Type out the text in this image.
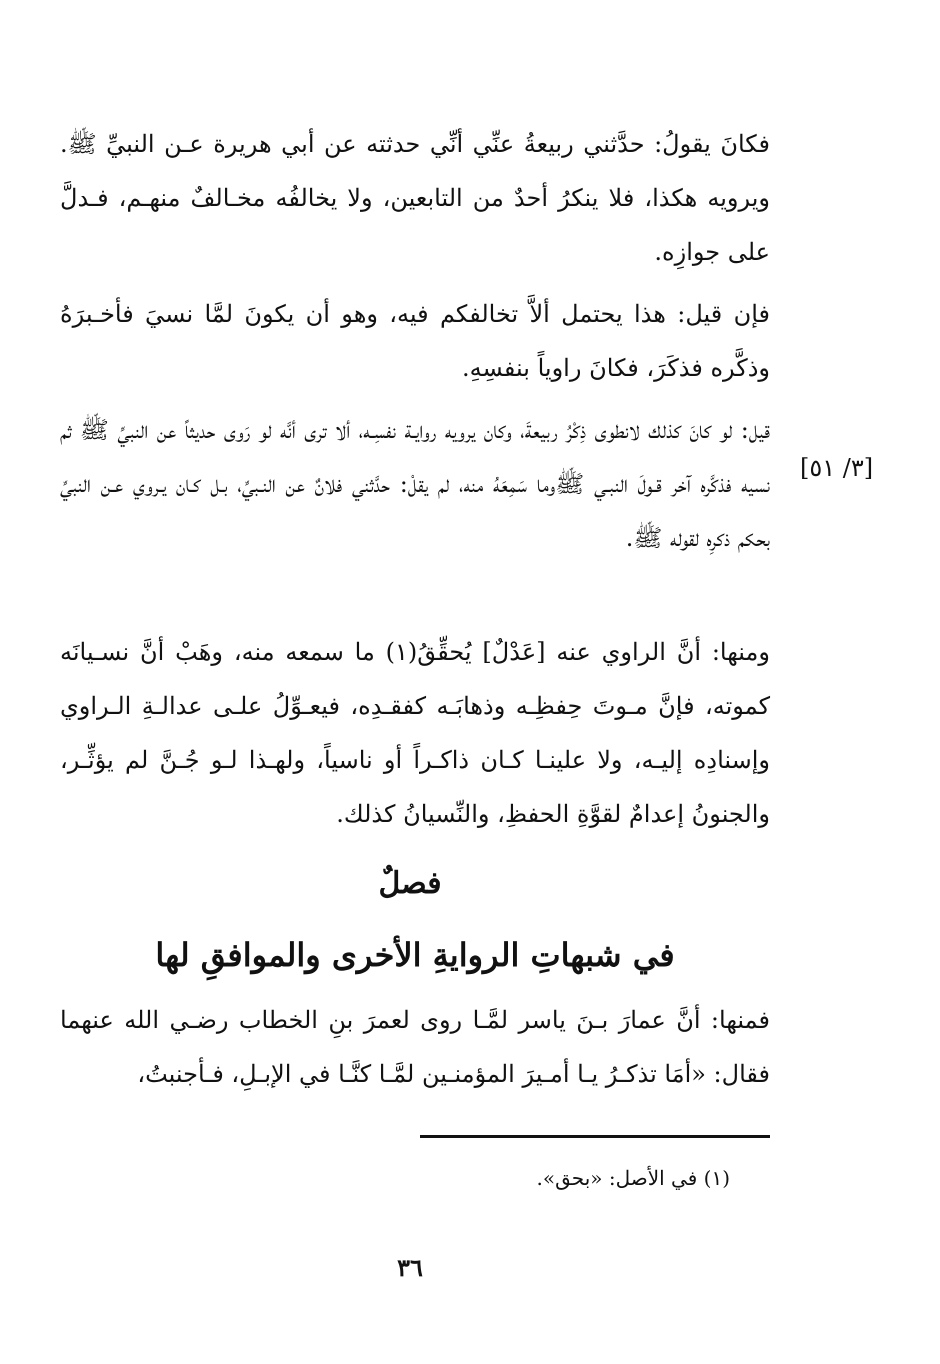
فكانَ يقولُ: حدَّثني ربيعةُ عنِّي أنِّي حدثته عن أبي هريرة عـن النبيِّ ﷺ. ويرويه هكذا، فلا ينكرُ أحدٌ من التابعين، ولا يخالفُه مخـالفٌ منهـم، فـدلَّ على جوازِه.

فإن قيل: هذا يحتمل ألاَّ تخالفكم فيه، وهو أن يكونَ لمَّا نسيَ فأخـبرَهُ وذكَّره فذكَرَ، فكانَ راوياً بنفسِهِ.

[٣/ ٥١]

قيل: لو كانَ كذلك لانطوى ذِكْرُ ربيعةَ، وكان يرويه روايـة نفسِـه، ألا ترى أنَّه لو رَوى حديثاً عن النبيِّ ﷺ ثم نسيه فذكَّره آخر قـولَ النبـي ﷺوما سَمِعَهُ منه، لم يقلْ: حدَّثني فلانٌ عن النـبيِّ، بـل كـان يـروي عـن النبيِّ بحكم ذكرِه لقوله ﷺ.

ومنها: أنَّ الراوي عنه [عَدْلٌ] يُحقِّقُ(١) ما سمعه منه، وهَبْ أنَّ نسـيانَه كموته، فإنَّ مـوتَ حِفظِـه وذهابَـه كفقـدِه، فيعـوِّلُ علـى عدالـةِ الـراوي وإسنادِه إليـه، ولا علينـا كـان ذاكـراً أو ناسياً، ولهـذا لـو جُـنَّ لم يؤثِّـر، والجنونُ إعدامٌ لقوَّةِ الحفظِ، والنِّسيانُ كذلك.

فصلٌ
في شبهاتِ الروايةِ الأخرى والموافقِ لها

فمنها: أنَّ عمارَ بـنَ ياسر لمَّـا روى لعمرَ بنِ الخطاب رضـي الله عنهما فقال: «أمَا تذكـرُ يـا أمـيرَ المؤمنـين لمَّـا كنَّـا في الإبـلِ، فـأجنبتُ،

(١) في الأصل: «بحق».
٣٦
